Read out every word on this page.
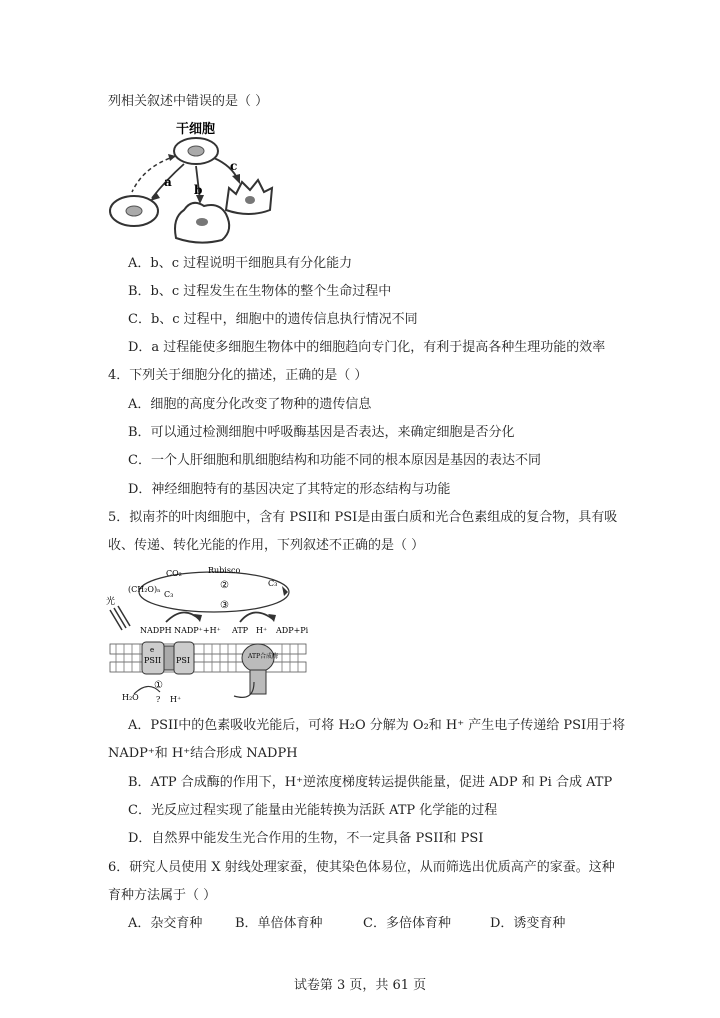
列相关叙述中错误的是（ ）
干细胞
a
b
c
A．b、c 过程说明干细胞具有分化能力
B．b、c 过程发生在生物体的整个生命过程中
C．b、c 过程中，细胞中的遗传信息执行情况不同
D．a 过程能使多细胞生物体中的细胞趋向专门化，有利于提高各种生理功能的效率
4．下列关于细胞分化的描述，正确的是（ ）
A．细胞的高度分化改变了物种的遗传信息
B．可以通过检测细胞中呼吸酶基因是否表达，来确定细胞是否分化
C．一个人肝细胞和肌细胞结构和功能不同的根本原因是基因的表达不同
D．神经细胞特有的基因决定了其特定的形态结构与功能
5．拟南芥的叶肉细胞中，含有 PSII和 PSI是由蛋白质和光合色素组成的复合物，具有吸
收、传递、转化光能的作用，下列叙述不正确的是（ ）
Rubisco
CO₂
(CH₂O)ₙ
C₃
C₃
②
③
光
NADPH NADP⁺+H⁺ ATP H⁺ ADP+Pi
PSII
e
PSI	ATP合成酶
①
H₂O ? H⁺
A．PSII中的色素吸收光能后，可将 H₂O 分解为 O₂和 H⁺ 产生电子传递给 PSI用于将
NADP⁺和 H⁺结合形成 NADPH
B．ATP 合成酶的作用下，H⁺逆浓度梯度转运提供能量，促进 ADP 和 Pi 合成 ATP
C．光反应过程实现了能量由光能转换为活跃 ATP 化学能的过程
D．自然界中能发生光合作用的生物，不一定具备 PSII和 PSI
6．研究人员使用 X 射线处理家蚕，使其染色体易位，从而筛选出优质高产的家蚕。这种
育种方法属于（ ）
A．杂交育种	B．单倍体育种	C．多倍体育种	D．诱变育种
试卷第 3 页，共 61 页
